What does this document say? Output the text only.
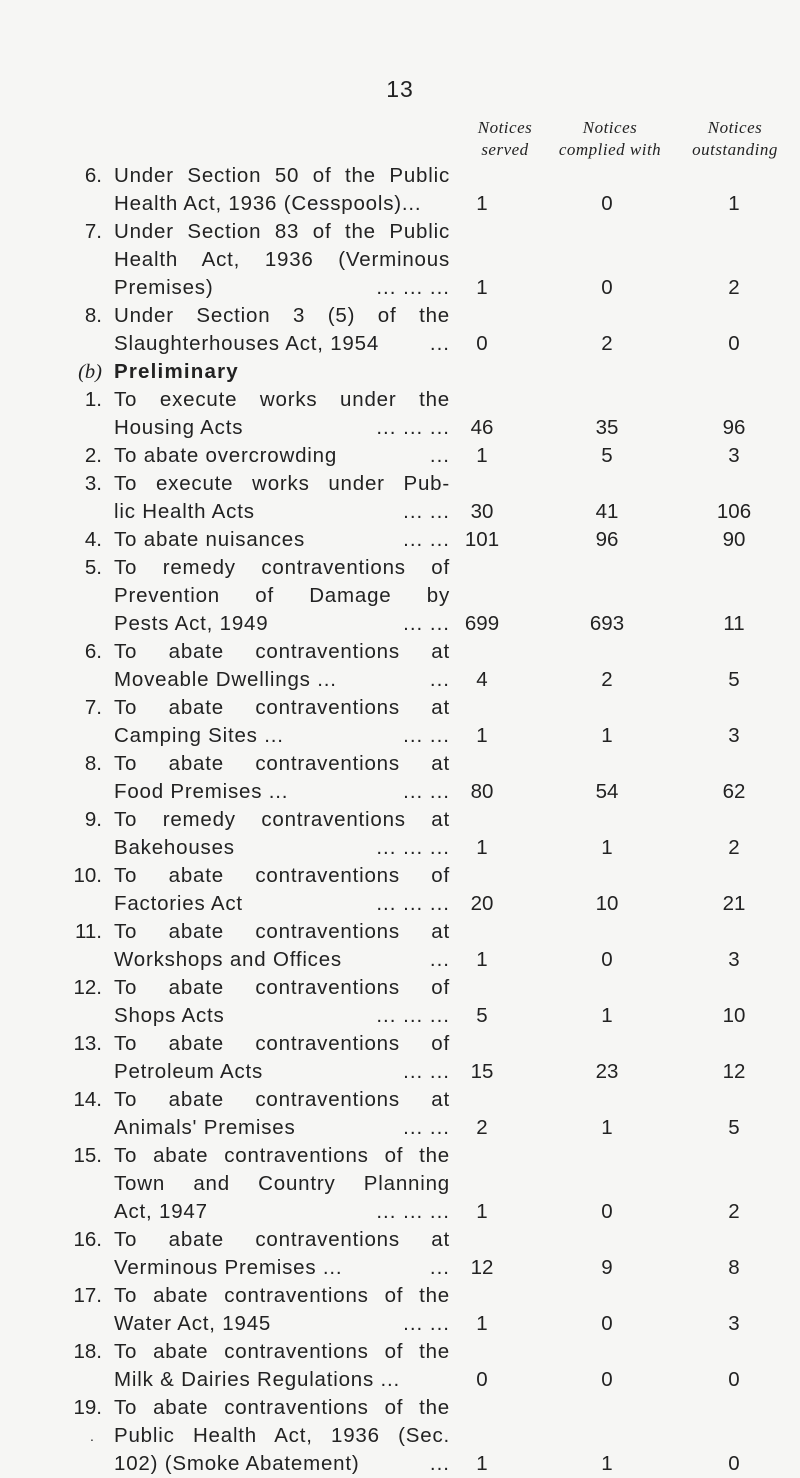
13
Notices
served
Notices
complied with
Notices
outstanding
6. Under Section 50 of the Public
Health Act, 1936 (Cesspools)...	1	0	1
7. Under Section 83 of the Public
Health Act, 1936 (Verminous
Premises)	... ... ...	1	0	2
8. Under Section 3 (5) of the
Slaughterhouses Act, 1954	...	0	2	0
(b) Preliminary
1. To execute works under the
Housing Acts	... ... ...	46	35	96
2. To abate overcrowding	...	1	5	3
3. To execute works under Pub-
lic Health Acts	... ...	30	41	106
4. To abate nuisances	... ... 101	96	90
5. To remedy contraventions of
Prevention of Damage by
Pests Act, 1949	... ... 699	693	11
6. To abate contraventions at
Moveable Dwellings ...	...	4	2	5
7. To abate contraventions at
Camping Sites ...	... ...	1	1	3
8. To abate contraventions at
Food Premises ...	... ...	80	54	62
9. To remedy contraventions at
Bakehouses	... ... ...	1	1	2
10. To abate contraventions of
Factories Act	... ... ...	20	10	21
11. To abate contraventions at
Workshops and Offices	...	1	0	3
12. To abate contraventions of
Shops Acts	... ... ...	5	1	10
13. To abate contraventions of
Petroleum Acts	... ...	15	23	12
14. To abate contraventions at
Animals' Premises	... ...	2	1	5
15. To abate contraventions of the
Town and Country Planning
Act, 1947	... ... ...	1	0	2
16. To abate contraventions at
Verminous Premises ...	...	12	9	8
17. To abate contraventions of the
Water Act, 1945	... ...	1	0	3
18. To abate contraventions of the
Milk & Dairies Regulations ...	0	0	0
19. To abate contraventions of the
. Public Health Act, 1936 (Sec.
102) (Smoke Abatement)	...	1	1	0
